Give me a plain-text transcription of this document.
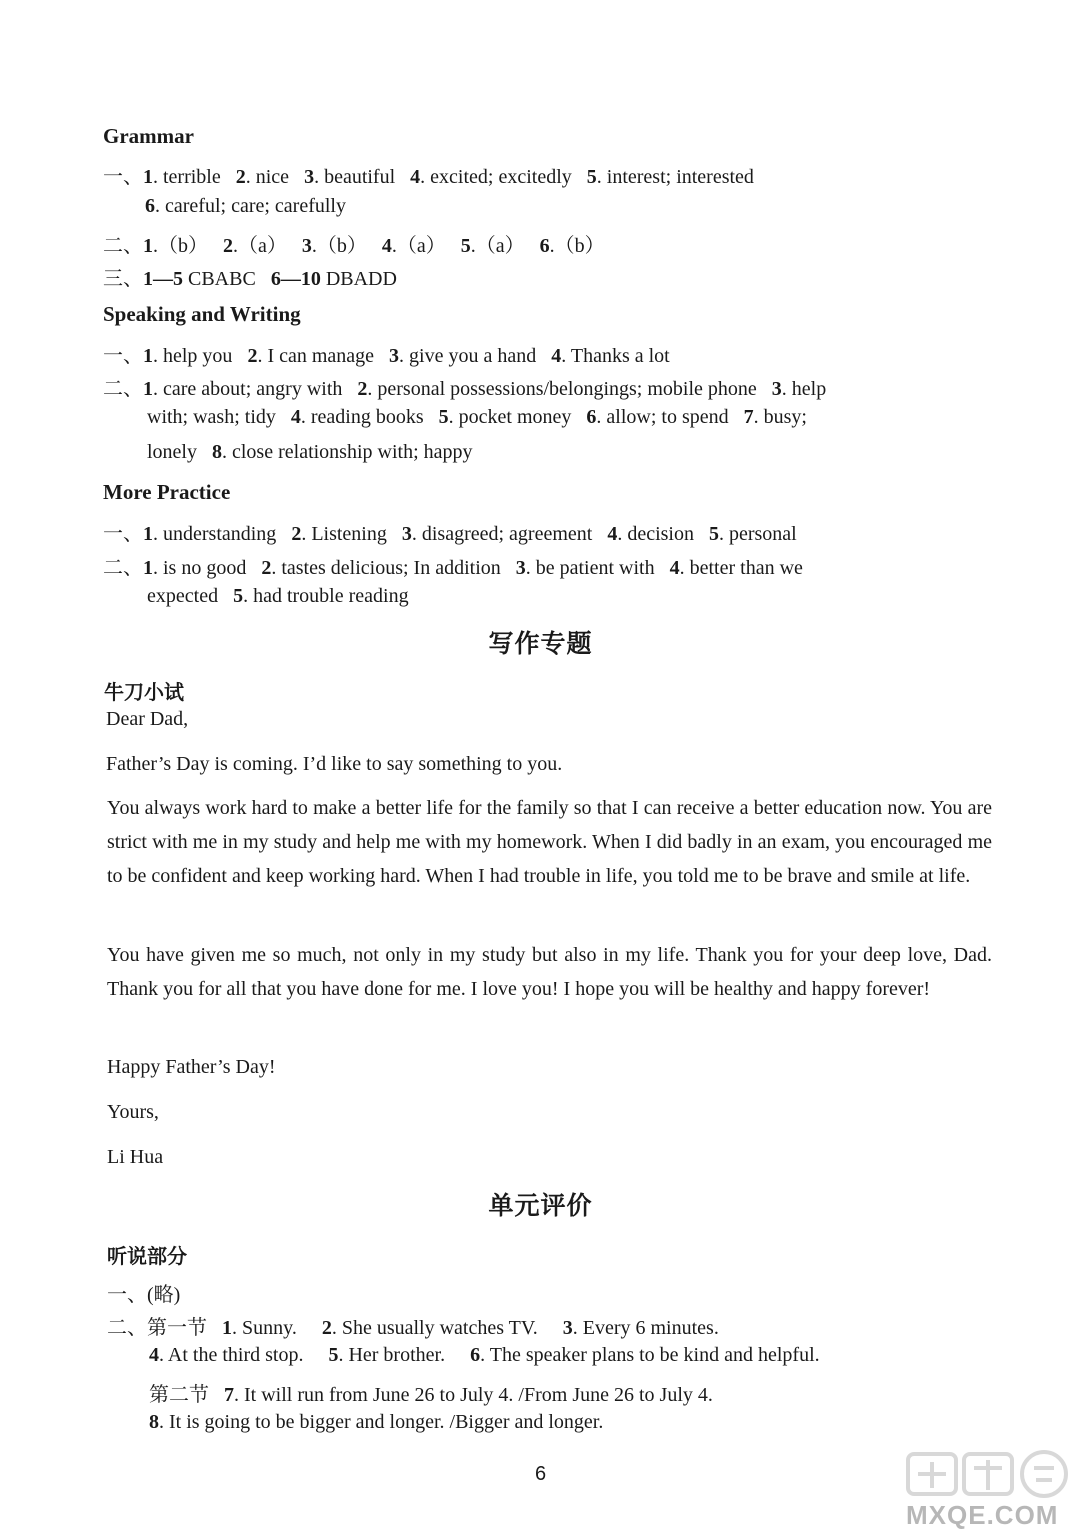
Grammar
一、1. terrible   2. nice   3. beautiful   4. excited; excitedly   5. interest; interested
6. careful; care; carefully
二、1.（b）   2.（a）   3.（b）   4.（a）   5.（a）   6.（b）
三、1—5 CBABC   6—10 DBADD
Speaking and Writing
一、1. help you   2. I can manage   3. give you a hand   4. Thanks a lot
二、1. care about; angry with   2. personal possessions/belongings; mobile phone   3. help
with; wash; tidy   4. reading books   5. pocket money   6. allow; to spend   7. busy;
lonely   8. close relationship with; happy
More Practice
一、1. understanding   2. Listening   3. disagreed; agreement   4. decision   5. personal
二、1. is no good   2. tastes delicious; In addition   3. be patient with   4. better than we
expected   5. had trouble reading
写作专题
牛刀小试
Dear Dad,
Father’s Day is coming. I’d like to say something to you.
You always work hard to make a better life for the family so that I can receive a better education now. You are strict with me in my study and help me with my homework. When I did badly in an exam, you encouraged me to be confident and keep working hard. When I had trouble in life, you told me to be brave and smile at life.
You have given me so much, not only in my study but also in my life. Thank you for your deep love, Dad. Thank you for all that you have done for me. I love you! I hope you will be healthy and happy forever!
Happy Father’s Day!
Yours,
Li Hua
单元评价
听说部分
一、(略)
二、第一节   1. Sunny.     2. She usually watches TV.     3. Every 6 minutes.
4. At the third stop.     5. Her brother.     6. The speaker plans to be kind and helpful.
第二节   7. It will run from June 26 to July 4. /From June 26 to July 4.
8. It is going to be bigger and longer. /Bigger and longer.
6
MXQE.COM
